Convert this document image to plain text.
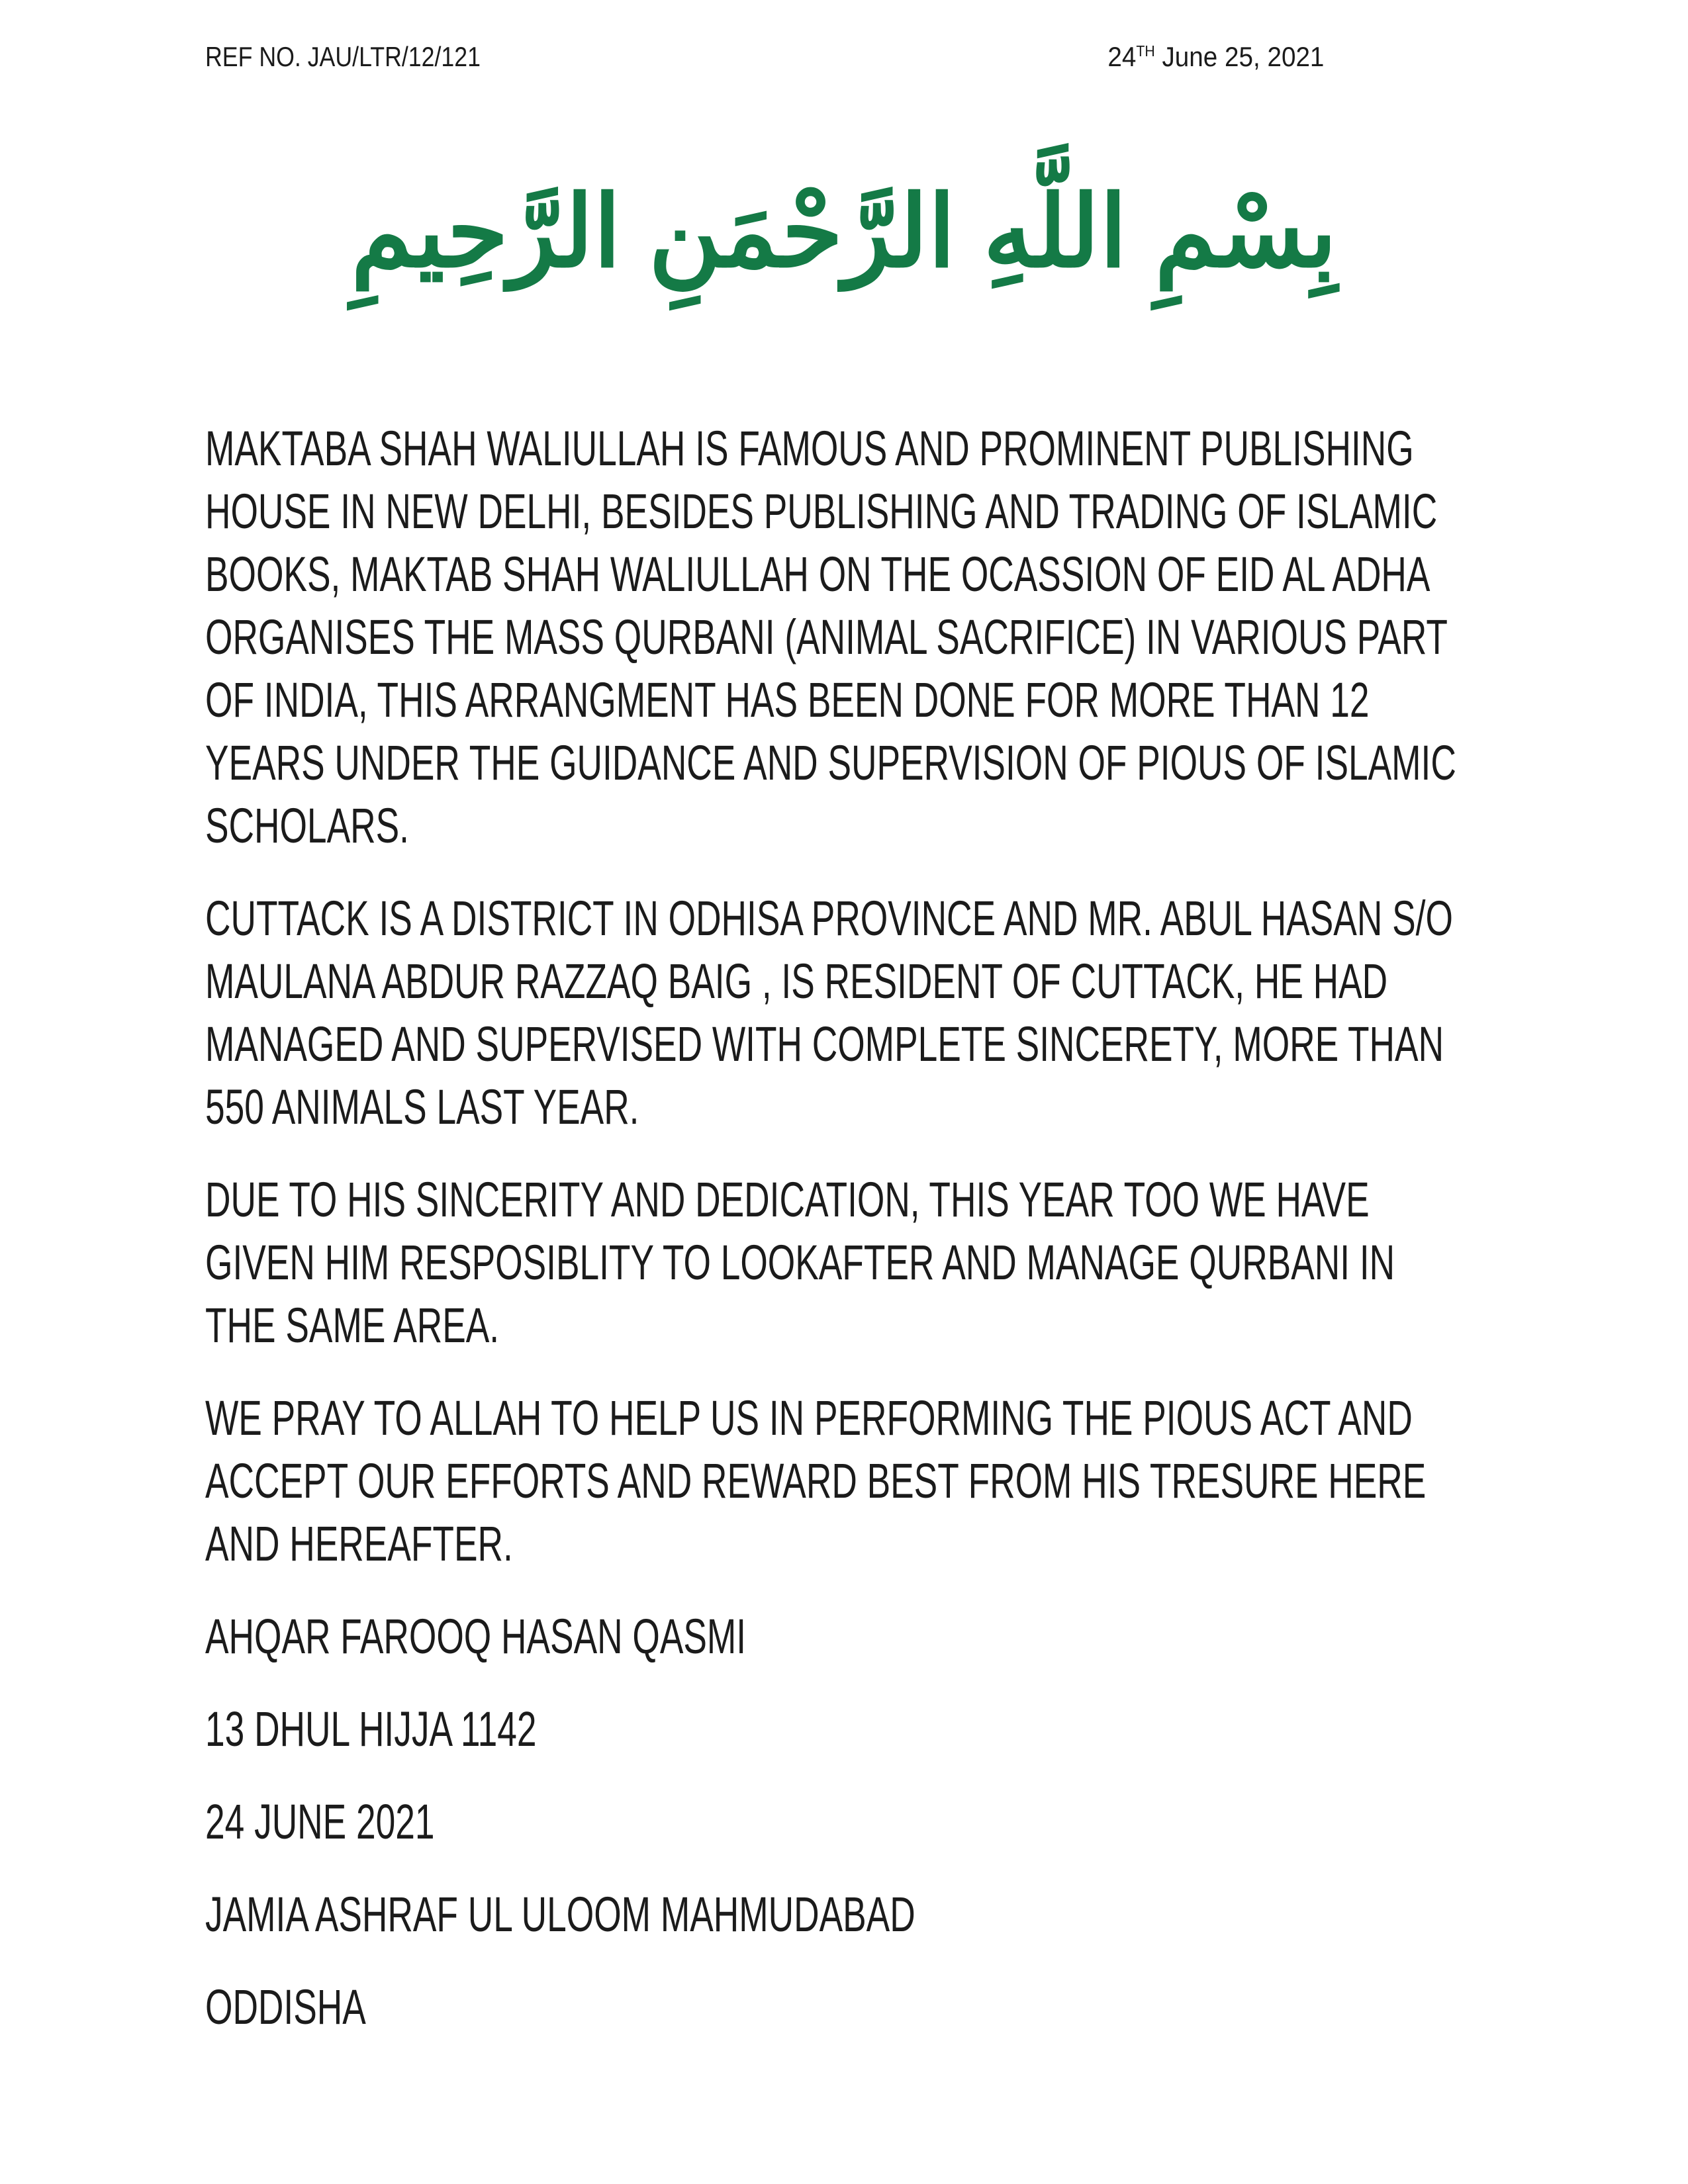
REF NO. JAU/LTR/12/121	24TH June 25, 2021
بِسْمِ اللَّهِ الرَّحْمَنِ الرَّحِيمِ
MAKTABA SHAH WALIULLAH IS FAMOUS AND PROMINENT PUBLISHING
HOUSE IN NEW DELHI, BESIDES PUBLISHING AND TRADING OF ISLAMIC
BOOKS, MAKTAB SHAH WALIULLAH ON THE OCASSION OF EID AL ADHA
ORGANISES THE MASS QURBANI (ANIMAL SACRIFICE) IN VARIOUS PART
OF INDIA, THIS ARRANGMENT HAS BEEN DONE FOR MORE THAN 12
YEARS UNDER THE GUIDANCE AND SUPERVISION OF PIOUS OF ISLAMIC
SCHOLARS.
CUTTACK IS A DISTRICT IN ODHISA PROVINCE AND MR. ABUL HASAN S/O
MAULANA ABDUR RAZZAQ BAIG , IS RESIDENT OF CUTTACK, HE HAD
MANAGED AND SUPERVISED WITH COMPLETE SINCERETY, MORE THAN
550 ANIMALS LAST YEAR.
DUE TO HIS SINCERITY AND DEDICATION, THIS YEAR TOO WE HAVE
GIVEN HIM RESPOSIBLITY TO LOOKAFTER AND MANAGE QURBANI IN
THE SAME AREA.
WE PRAY TO ALLAH TO HELP US IN PERFORMING THE PIOUS ACT AND
ACCEPT OUR EFFORTS AND REWARD BEST FROM HIS TRESURE HERE
AND HEREAFTER.
AHQAR FAROOQ HASAN QASMI
13 DHUL HIJJA 1142
24 JUNE 2021
JAMIA ASHRAF UL ULOOM MAHMUDABAD
ODDISHA
